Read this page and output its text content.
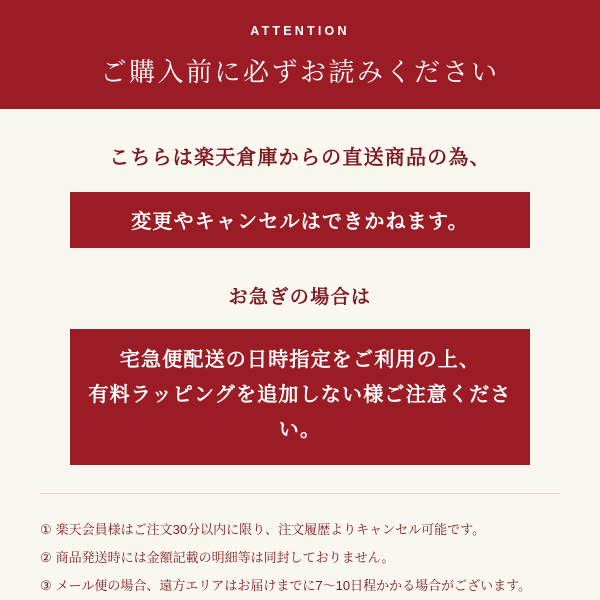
ATTENTION
ご購入前に必ずお読みください
こちらは楽天倉庫からの直送商品の為、
変更やキャンセルはできかねます。
お急ぎの場合は
宅急便配送の日時指定をご利用の上、
有料ラッピングを追加しない様ご注意ください。
① 楽天会員様はご注文30分以内に限り、注文履歴よりキャンセル可能です。
② 商品発送時には金額記載の明細等は同封しておりません。
③ メール便の場合、遠方エリアはお届けまでに7～10日程かかる場合がございます。
